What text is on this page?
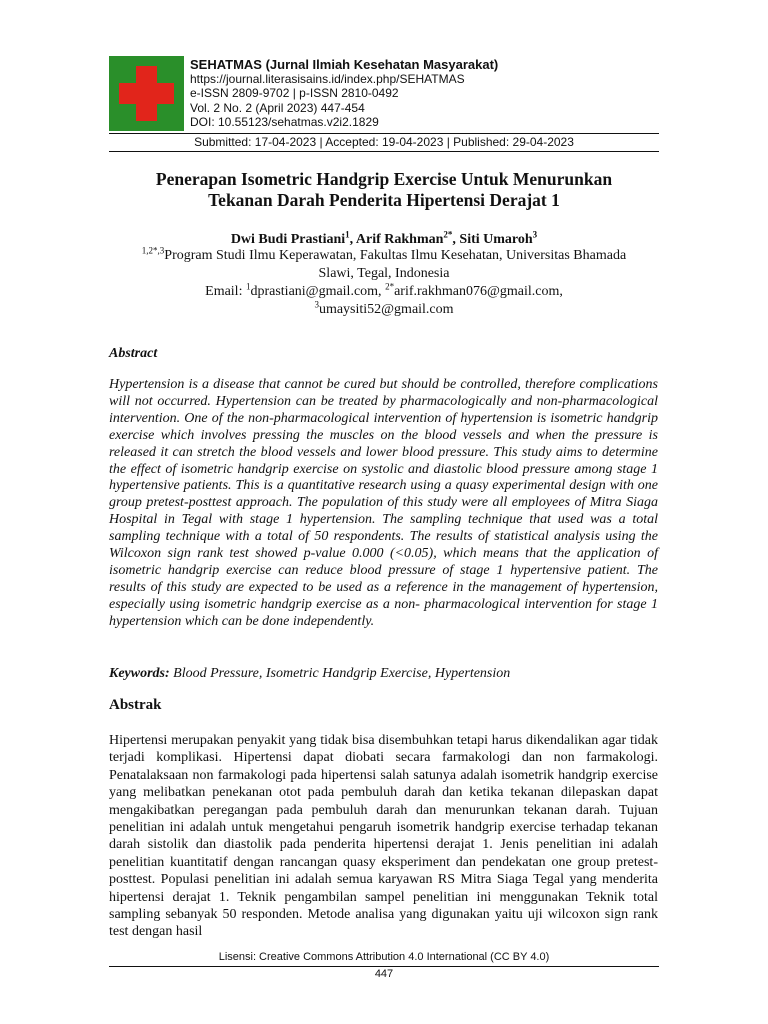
SEHATMAS (Jurnal Ilmiah Kesehatan Masyarakat)
https://journal.literasisains.id/index.php/SEHATMAS
e-ISSN 2809-9702 | p-ISSN 2810-0492
Vol. 2 No. 2 (April 2023) 447-454
DOI: 10.55123/sehatmas.v2i2.1829
Submitted: 17-04-2023 | Accepted: 19-04-2023 | Published: 29-04-2023
Penerapan Isometric Handgrip Exercise Untuk Menurunkan
Tekanan Darah Penderita Hipertensi Derajat 1
Dwi Budi Prastiani$^1$, Arif Rakhman$^{2*}$, Siti Umaroh$^3$
$^{1,2*,3}$Program Studi Ilmu Keperawatan, Fakultas Ilmu Kesehatan, Universitas Bhamada
Slawi, Tegal, Indonesia
Email: $^1$dprastiani@gmail.com, $^{2*}$arif.rakhman076@gmail.com,
$^3$umaysiti52@gmail.com
Abstract

Hypertension is a disease that cannot be cured but should be controlled, therefore complications will not occurred. Hypertension can be treated by pharmacologically and non-pharmacological intervention. One of the non-pharmacological intervention of hypertension is isometric handgrip exercise which involves pressing the muscles on the blood vessels and when the pressure is released it can stretch the blood vessels and lower blood pressure. This study aims to determine the effect of isometric handgrip exercise on systolic and diastolic blood pressure among stage 1 hypertensive patients. This is a quantitative research using a quasy experimental design with one group pretest-posttest approach. The population of this study were all employees of Mitra Siaga Hospital in Tegal with stage 1 hypertension. The sampling technique that used was a total sampling technique with a total of 50 respondents. The results of statistical analysis using the Wilcoxon sign rank test showed p-value 0.000 (<0.05), which means that the application of isometric handgrip exercise can reduce blood pressure of stage 1 hypertensive patient. The results of this study are expected to be used as a reference in the management of hypertension, especially using isometric handgrip exercise as a non- pharmacological intervention for stage 1 hypertension which can be done independently.

Keywords: Blood Pressure, Isometric Handgrip Exercise, Hypertension
Abstrak

Hipertensi merupakan penyakit yang tidak bisa disembuhkan tetapi harus dikendalikan agar tidak terjadi komplikasi. Hipertensi dapat diobati secara farmakologi dan non farmakologi. Penatalaksaan non farmakologi pada hipertensi salah satunya adalah isometrik handgrip exercise yang melibatkan penekanan otot pada pembuluh darah dan ketika tekanan dilepaskan dapat mengakibatkan peregangan pada pembuluh darah dan menurunkan tekanan darah. Tujuan penelitian ini adalah untuk mengetahui pengaruh isometrik handgrip exercise terhadap tekanan darah sistolik dan diastolik pada penderita hipertensi derajat 1. Jenis penelitian ini adalah penelitian kuantitatif dengan rancangan quasy eksperiment dan pendekatan one group pretest-posttest. Populasi penelitian ini adalah semua karyawan RS Mitra Siaga Tegal yang menderita hipertensi derajat 1. Teknik pengambilan sampel penelitian ini menggunakan Teknik total sampling sebanyak 50 responden. Metode analisa yang digunakan yaitu uji wilcoxon sign rank test dengan hasil

Lisensi: Creative Commons Attribution 4.0 International (CC BY 4.0)
447
